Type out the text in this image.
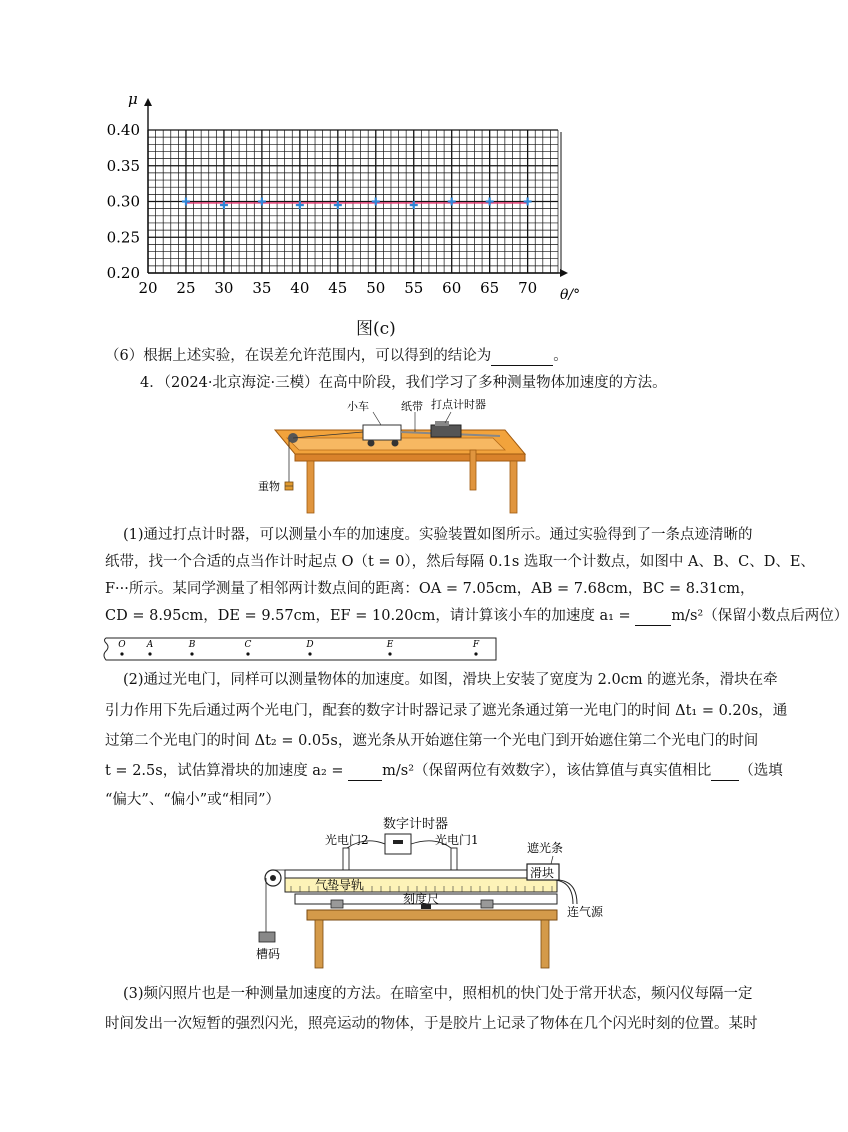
20 25 30 35 40 45 50 55 60 65 70
0.20
0.25
0.30
0.35
0.40
μ
θ/°
图(c)
（6）根据上述实验，在误差允许范围内，可以得到的结论为	。
4．（2024·北京海淀·三模）在高中阶段，我们学习了多种测量物体加速度的方法。
小车	纸带 打点计时器
重物
(1)通过打点计时器，可以测量小车的加速度。实验装置如图所示。通过实验得到了一条点迹清晰的
纸带，找一个合适的点当作计时起点 O（t = 0），然后每隔 0.1s 选取一个计数点，如图中 A、B、C、D、E、
F···所示。某同学测量了相邻两计数点间的距离：OA = 7.05cm，AB = 7.68cm，BC = 8.31cm，
CD = 8.95cm，DE = 9.57cm，EF = 10.20cm，请计算该小车的加速度 a₁ = m/s²（保留小数点后两位）
O A	B	C	D	E	F
(2)通过光电门，同样可以测量物体的加速度。如图，滑块上安装了宽度为 2.0cm 的遮光条，滑块在牵
引力作用下先后通过两个光电门，配套的数字计时器记录了遮光条通过第一光电门的时间 Δt₁ = 0.20s，通
过第二个光电门的时间 Δt₂ = 0.05s，遮光条从开始遮住第一个光电门到开始遮住第二个光电门的时间
t = 2.5s，试估算滑块的加速度 a₂ = m/s²（保留两位有效数字），该估算值与真实值相比 （选填
“偏大”、“偏小”或“相同”）
数字计时器
光电门2	光电门1
遮光条
滑块
气垫导轨
刻度尺
连气源
槽码
(3)频闪照片也是一种测量加速度的方法。在暗室中，照相机的快门处于常开状态，频闪仪每隔一定
时间发出一次短暂的强烈闪光，照亮运动的物体，于是胶片上记录了物体在几个闪光时刻的位置。某时
